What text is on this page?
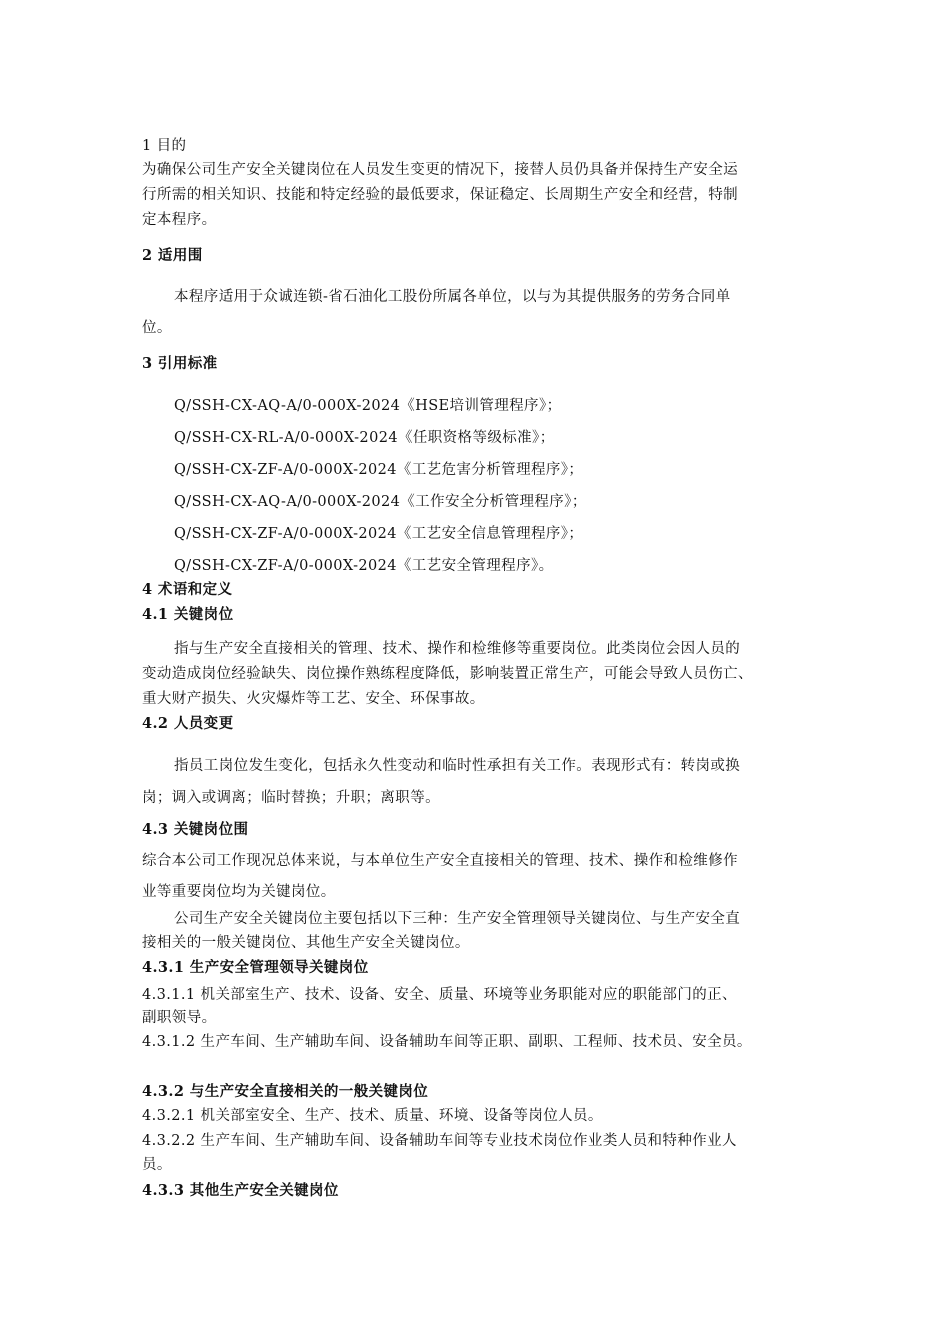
1 目的
为确保公司生产安全关键岗位在人员发生变更的情况下，接替人员仍具备并保持生产安全运
行所需的相关知识、技能和特定经验的最低要求，保证稳定、长周期生产安全和经营，特制
定本程序。
2 适用围
本程序适用于众诚连锁-省石油化工股份所属各单位，以与为其提供服务的劳务合同单
位。
3 引用标准
Q/SSH-CX-AQ-A/0-000X-2024《HSE培训管理程序》；
Q/SSH-CX-RL-A/0-000X-2024《任职资格等级标准》；
Q/SSH-CX-ZF-A/0-000X-2024《工艺危害分析管理程序》；
Q/SSH-CX-AQ-A/0-000X-2024《工作安全分析管理程序》；
Q/SSH-CX-ZF-A/0-000X-2024《工艺安全信息管理程序》；
Q/SSH-CX-ZF-A/0-000X-2024《工艺安全管理程序》。
4 术语和定义
4.1 关键岗位
指与生产安全直接相关的管理、技术、操作和检维修等重要岗位。此类岗位会因人员的
变动造成岗位经验缺失、岗位操作熟练程度降低，影响装置正常生产，可能会导致人员伤亡、
重大财产损失、火灾爆炸等工艺、安全、环保事故。
4.2 人员变更
指员工岗位发生变化，包括永久性变动和临时性承担有关工作。表现形式有：转岗或换
岗；调入或调离；临时替换；升职；离职等。
4.3 关键岗位围
综合本公司工作现况总体来说，与本单位生产安全直接相关的管理、技术、操作和检维修作
业等重要岗位均为关键岗位。
公司生产安全关键岗位主要包括以下三种：生产安全管理领导关键岗位、与生产安全直
接相关的一般关键岗位、其他生产安全关键岗位。
4.3.1 生产安全管理领导关键岗位
4.3.1.1 机关部室生产、技术、设备、安全、质量、环境等业务职能对应的职能部门的正、
副职领导。
4.3.1.2 生产车间、生产辅助车间、设备辅助车间等正职、副职、工程师、技术员、安全员。
4.3.2 与生产安全直接相关的一般关键岗位
4.3.2.1 机关部室安全、生产、技术、质量、环境、设备等岗位人员。
4.3.2.2 生产车间、生产辅助车间、设备辅助车间等专业技术岗位作业类人员和特种作业人
员。
4.3.3 其他生产安全关键岗位
